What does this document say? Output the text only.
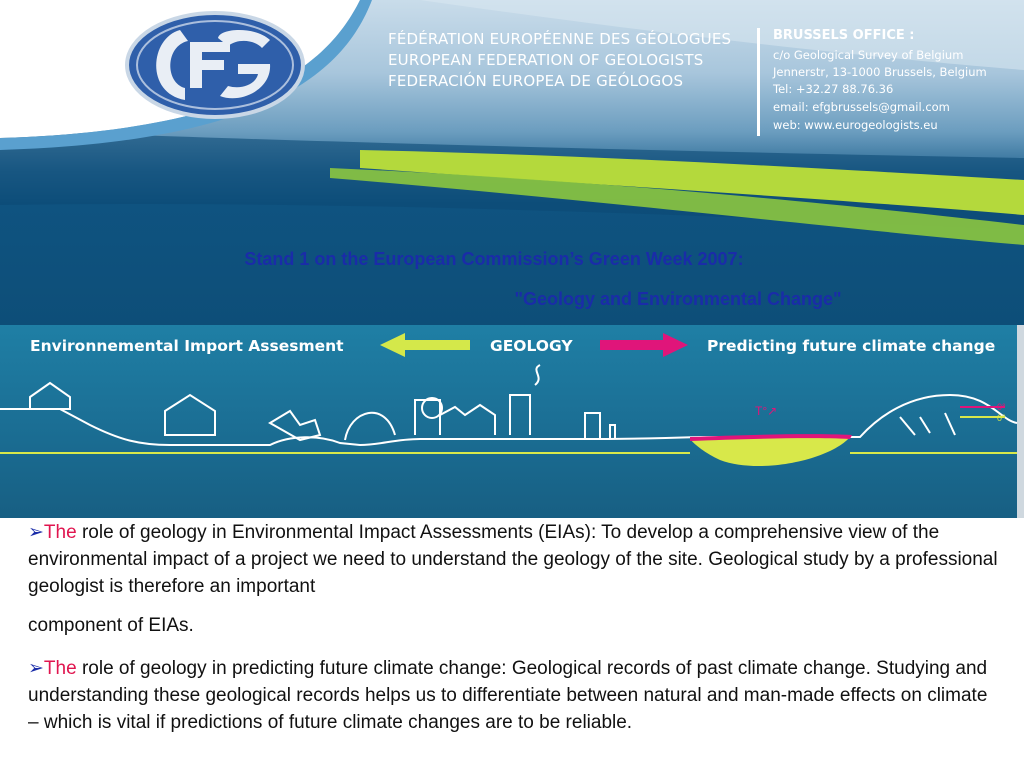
FÉDÉRATION EUROPÉENNE DES GÉOLOGUES
EUROPEAN FEDERATION OF GEOLOGISTS
FEDERACIÓN EUROPEA DE GEÓLOGOS
BRUSSELS OFFICE :
c/o Geological Survey of Belgium
Jennerstr, 13-1000 Brussels, Belgium
Tel: +32.27 88.76.36
email: efgbrussels@gmail.com
web: www.eurogeologists.eu
Stand 1 on the European Commission’s Green Week 2007:
"Geology and Environmental Change"
T°↗	0°
0°
Environnemental Import Assesment	GEOLOGY	Predicting future climate change
➢The role of geology in Environmental Impact Assessments (EIAs): To develop a comprehensive view of the environmental impact of a project we need to understand the geology of the site. Geological study by a professional geologist is therefore an important
component of EIAs.
➢The role of geology in predicting future climate change: Geological records of past climate change. Studying and understanding these geological records helps us to differentiate between natural and man-made effects on climate – which is vital if predictions of future climate changes are to be reliable.
